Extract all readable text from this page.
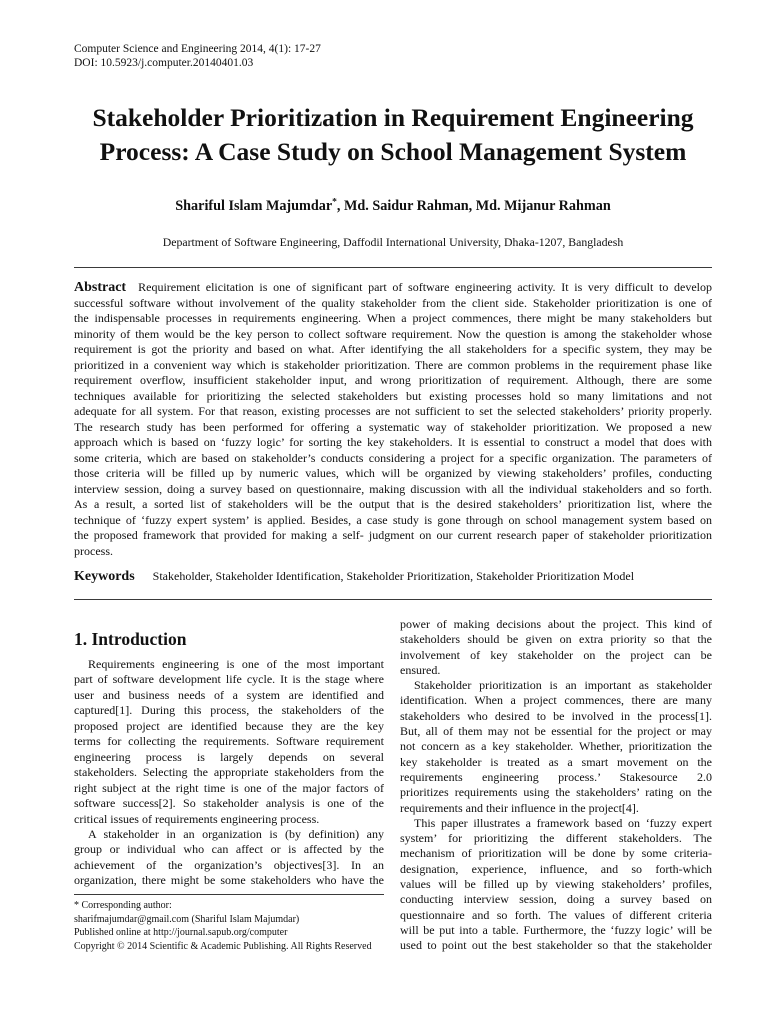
Computer Science and Engineering 2014, 4(1): 17-27
DOI: 10.5923/j.computer.20140401.03
Stakeholder Prioritization in Requirement Engineering
Process: A Case Study on School Management System
Shariful Islam Majumdar*, Md. Saidur Rahman, Md. Mijanur Rahman
Department of Software Engineering, Daffodil International University, Dhaka-1207, Bangladesh
Abstract Requirement elicitation is one of significant part of software engineering activity. It is very difficult to develop
successful software without involvement of the quality stakeholder from the client side. Stakeholder prioritization is one of
the indispensable processes in requirements engineering. When a project commences, there might be many stakeholders but
minority of them would be the key person to collect software requirement. Now the question is among the stakeholder whose
requirement is got the priority and based on what. After identifying the all stakeholders for a specific system, they may be
prioritized in a convenient way which is stakeholder prioritization. There are common problems in the requirement phase like
requirement overflow, insufficient stakeholder input, and wrong prioritization of requirement. Although, there are some
techniques available for prioritizing the selected stakeholders but existing processes hold so many limitations and not
adequate for all system. For that reason, existing processes are not sufficient to set the selected stakeholders’ priority properly.
The research study has been performed for offering a systematic way of stakeholder prioritization. We proposed a new
approach which is based on ‘fuzzy logic’ for sorting the key stakeholders. It is essential to construct a model that does with
some criteria, which are based on stakeholder’s conducts considering a project for a specific organization. The parameters of
those criteria will be filled up by numeric values, which will be organized by viewing stakeholders’ profiles, conducting
interview session, doing a survey based on questionnaire, making discussion with all the individual stakeholders and so forth.
As a result, a sorted list of stakeholders will be the output that is the desired stakeholders’ prioritization list, where the
technique of ‘fuzzy expert system’ is applied. Besides, a case study is gone through on school management system based on
the proposed framework that provided for making a self- judgment on our current research paper of stakeholder prioritization
process.
Keywords Stakeholder, Stakeholder Identification, Stakeholder Prioritization, Stakeholder Prioritization Model
1. Introduction
Requirements engineering is one of the most important
part of software development life cycle. It is the stage where
user and business needs of a system are identified and
captured[1]. During this process, the stakeholders of the
proposed project are identified because they are the key
terms for collecting the requirements. Software requirement
engineering process is largely depends on several
stakeholders. Selecting the appropriate stakeholders from the
right subject at the right time is one of the major factors of
software success[2]. So stakeholder analysis is one of the
critical issues of requirements engineering process.
A stakeholder in an organization is (by definition) any
group or individual who can affect or is affected by the
achievement of the organization’s objectives[3]. In an
organization, there might be some stakeholders who have the
* Corresponding author:
sharifmajumdar@gmail.com (Shariful Islam Majumdar)
Published online at http://journal.sapub.org/computer
Copyright © 2014 Scientific & Academic Publishing. All Rights Reserved
power of making decisions about the project. This kind of
stakeholders should be given on extra priority so that the
involvement of key stakeholder on the project can be
ensured.
Stakeholder prioritization is an important as stakeholder
identification. When a project commences, there are many
stakeholders who desired to be involved in the process[1].
But, all of them may not be essential for the project or may
not concern as a key stakeholder. Whether, prioritization the
key stakeholder is treated as a smart movement on the
requirements engineering process.’ Stakesource 2.0
prioritizes requirements using the stakeholders’ rating on the
requirements and their influence in the project[4].
This paper illustrates a framework based on ‘fuzzy expert
system’ for prioritizing the different stakeholders. The
mechanism of prioritization will be done by some criteria-
designation, experience, influence, and so forth-which
values will be filled up by viewing stakeholders’ profiles,
conducting interview session, doing a survey based on
questionnaire and so forth. The values of different criteria
will be put into a table. Furthermore, the ‘fuzzy logic’ will be
used to point out the best stakeholder so that the stakeholder
